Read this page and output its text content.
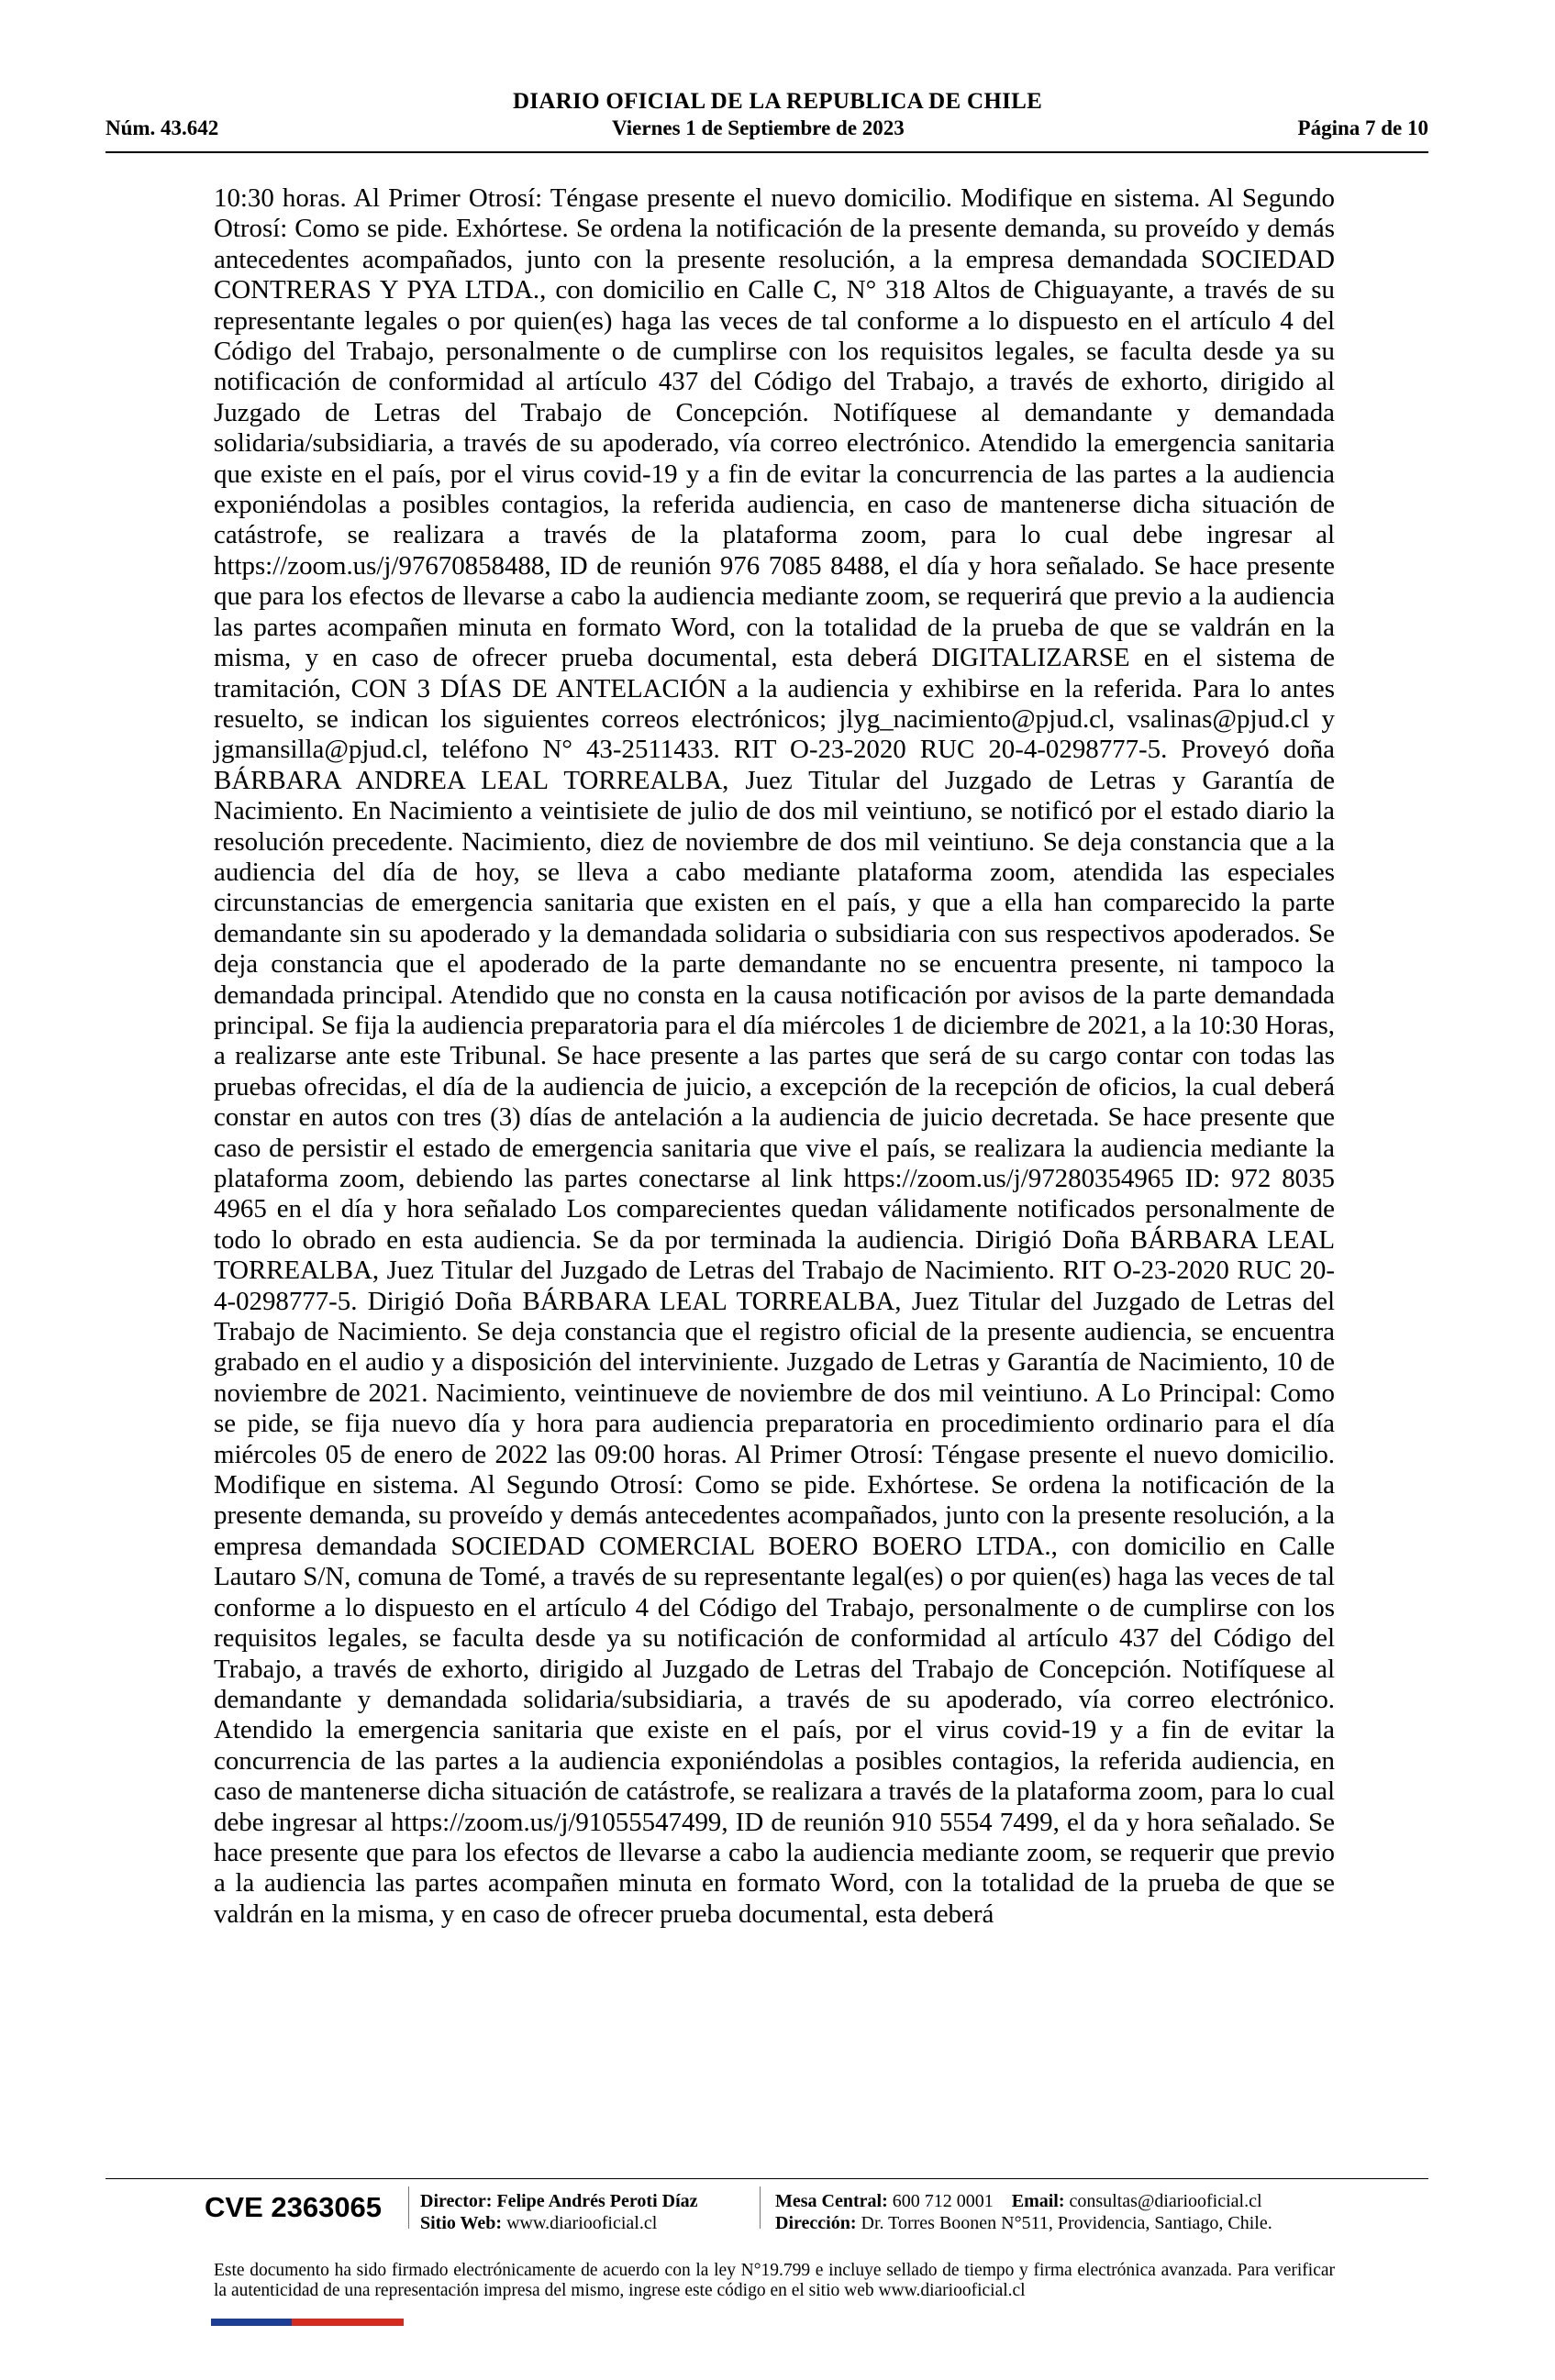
DIARIO OFICIAL DE LA REPUBLICA DE CHILE
Núm. 43.642	Viernes 1 de Septiembre de 2023	Página 7 de 10

10:30 horas. Al Primer Otrosí: Téngase presente el nuevo domicilio. Modifique en sistema. Al Segundo Otrosí: Como se pide. Exhórtese. Se ordena la notificación de la presente demanda, su proveído y demás antecedentes acompañados, junto con la presente resolución, a la empresa demandada SOCIEDAD CONTRERAS Y PYA LTDA., con domicilio en Calle C, N° 318 Altos de Chiguayante, a través de su representante legales o por quien(es) haga las veces de tal conforme a lo dispuesto en el artículo 4 del Código del Trabajo, personalmente o de cumplirse con los requisitos legales, se faculta desde ya su notificación de conformidad al artículo 437 del Código del Trabajo, a través de exhorto, dirigido al Juzgado de Letras del Trabajo de Concepción. Notifíquese al demandante y demandada solidaria/subsidiaria, a través de su apoderado, vía correo electrónico. Atendido la emergencia sanitaria que existe en el país, por el virus covid-19 y a fin de evitar la concurrencia de las partes a la audiencia exponiéndolas a posibles contagios, la referida audiencia, en caso de mantenerse dicha situación de catástrofe, se realizara a través de la plataforma zoom, para lo cual debe ingresar al https://zoom.us/j/97670858488, ID de reunión 976 7085 8488, el día y hora señalado. Se hace presente que para los efectos de llevarse a cabo la audiencia mediante zoom, se requerirá que previo a la audiencia las partes acompañen minuta en formato Word, con la totalidad de la prueba de que se valdrán en la misma, y en caso de ofrecer prueba documental, esta deberá DIGITALIZARSE en el sistema de tramitación, CON 3 DÍAS DE ANTELACIÓN a la audiencia y exhibirse en la referida. Para lo antes resuelto, se indican los siguientes correos electrónicos; jlyg_nacimiento@pjud.cl, vsalinas@pjud.cl y jgmansilla@pjud.cl, teléfono N° 43-2511433. RIT O-23-2020 RUC 20-4-0298777-5. Proveyó doña BÁRBARA ANDREA LEAL TORREALBA, Juez Titular del Juzgado de Letras y Garantía de Nacimiento. En Nacimiento a veintisiete de julio de dos mil veintiuno, se notificó por el estado diario la resolución precedente. Nacimiento, diez de noviembre de dos mil veintiuno. Se deja constancia que a la audiencia del día de hoy, se lleva a cabo mediante plataforma zoom, atendida las especiales circunstancias de emergencia sanitaria que existen en el país, y que a ella han comparecido la parte demandante sin su apoderado y la demandada solidaria o subsidiaria con sus respectivos apoderados. Se deja constancia que el apoderado de la parte demandante no se encuentra presente, ni tampoco la demandada principal. Atendido que no consta en la causa notificación por avisos de la parte demandada principal. Se fija la audiencia preparatoria para el día miércoles 1 de diciembre de 2021, a la 10:30 Horas, a realizarse ante este Tribunal. Se hace presente a las partes que será de su cargo contar con todas las pruebas ofrecidas, el día de la audiencia de juicio, a excepción de la recepción de oficios, la cual deberá constar en autos con tres (3) días de antelación a la audiencia de juicio decretada. Se hace presente que caso de persistir el estado de emergencia sanitaria que vive el país, se realizara la audiencia mediante la plataforma zoom, debiendo las partes conectarse al link https://zoom.us/j/97280354965 ID: 972 8035 4965 en el día y hora señalado Los comparecientes quedan válidamente notificados personalmente de todo lo obrado en esta audiencia. Se da por terminada la audiencia. Dirigió Doña BÁRBARA LEAL TORREALBA, Juez Titular del Juzgado de Letras del Trabajo de Nacimiento. RIT O-23-2020 RUC 20-4-0298777-5. Dirigió Doña BÁRBARA LEAL TORREALBA, Juez Titular del Juzgado de Letras del Trabajo de Nacimiento. Se deja constancia que el registro oficial de la presente audiencia, se encuentra grabado en el audio y a disposición del interviniente. Juzgado de Letras y Garantía de Nacimiento, 10 de noviembre de 2021. Nacimiento, veintinueve de noviembre de dos mil veintiuno. A Lo Principal: Como se pide, se fija nuevo día y hora para audiencia preparatoria en procedimiento ordinario para el día miércoles 05 de enero de 2022 las 09:00 horas. Al Primer Otrosí: Téngase presente el nuevo domicilio. Modifique en sistema. Al Segundo Otrosí: Como se pide. Exhórtese. Se ordena la notificación de la presente demanda, su proveído y demás antecedentes acompañados, junto con la presente resolución, a la empresa demandada SOCIEDAD COMERCIAL BOERO BOERO LTDA., con domicilio en Calle Lautaro S/N, comuna de Tomé, a través de su representante legal(es) o por quien(es) haga las veces de tal conforme a lo dispuesto en el artículo 4 del Código del Trabajo, personalmente o de cumplirse con los requisitos legales, se faculta desde ya su notificación de conformidad al artículo 437 del Código del Trabajo, a través de exhorto, dirigido al Juzgado de Letras del Trabajo de Concepción. Notifíquese al demandante y demandada solidaria/subsidiaria, a través de su apoderado, vía correo electrónico. Atendido la emergencia sanitaria que existe en el país, por el virus covid-19 y a fin de evitar la concurrencia de las partes a la audiencia exponiéndolas a posibles contagios, la referida audiencia, en caso de mantenerse dicha situación de catástrofe, se realizara a través de la plataforma zoom, para lo cual debe ingresar al https://zoom.us/j/91055547499, ID de reunión 910 5554 7499, el da y hora señalado. Se hace presente que para los efectos de llevarse a cabo la audiencia mediante zoom, se requerir que previo a la audiencia las partes acompañen minuta en formato Word, con la totalidad de la prueba de que se valdrán en la misma, y en caso de ofrecer prueba documental, esta deberá

CVE 2363065	Director: Felipe Andrés Peroti Díaz
Sitio Web: www.diariooficial.cl
Mesa Central: 600 712 0001 Email: consultas@diariooficial.cl
Dirección: Dr. Torres Boonen N°511, Providencia, Santiago, Chile.
Este documento ha sido firmado electrónicamente de acuerdo con la ley N°19.799 e incluye sellado de tiempo y firma electrónica avanzada. Para verificar la autenticidad de una representación impresa del mismo, ingrese este código en el sitio web www.diariooficial.cl
